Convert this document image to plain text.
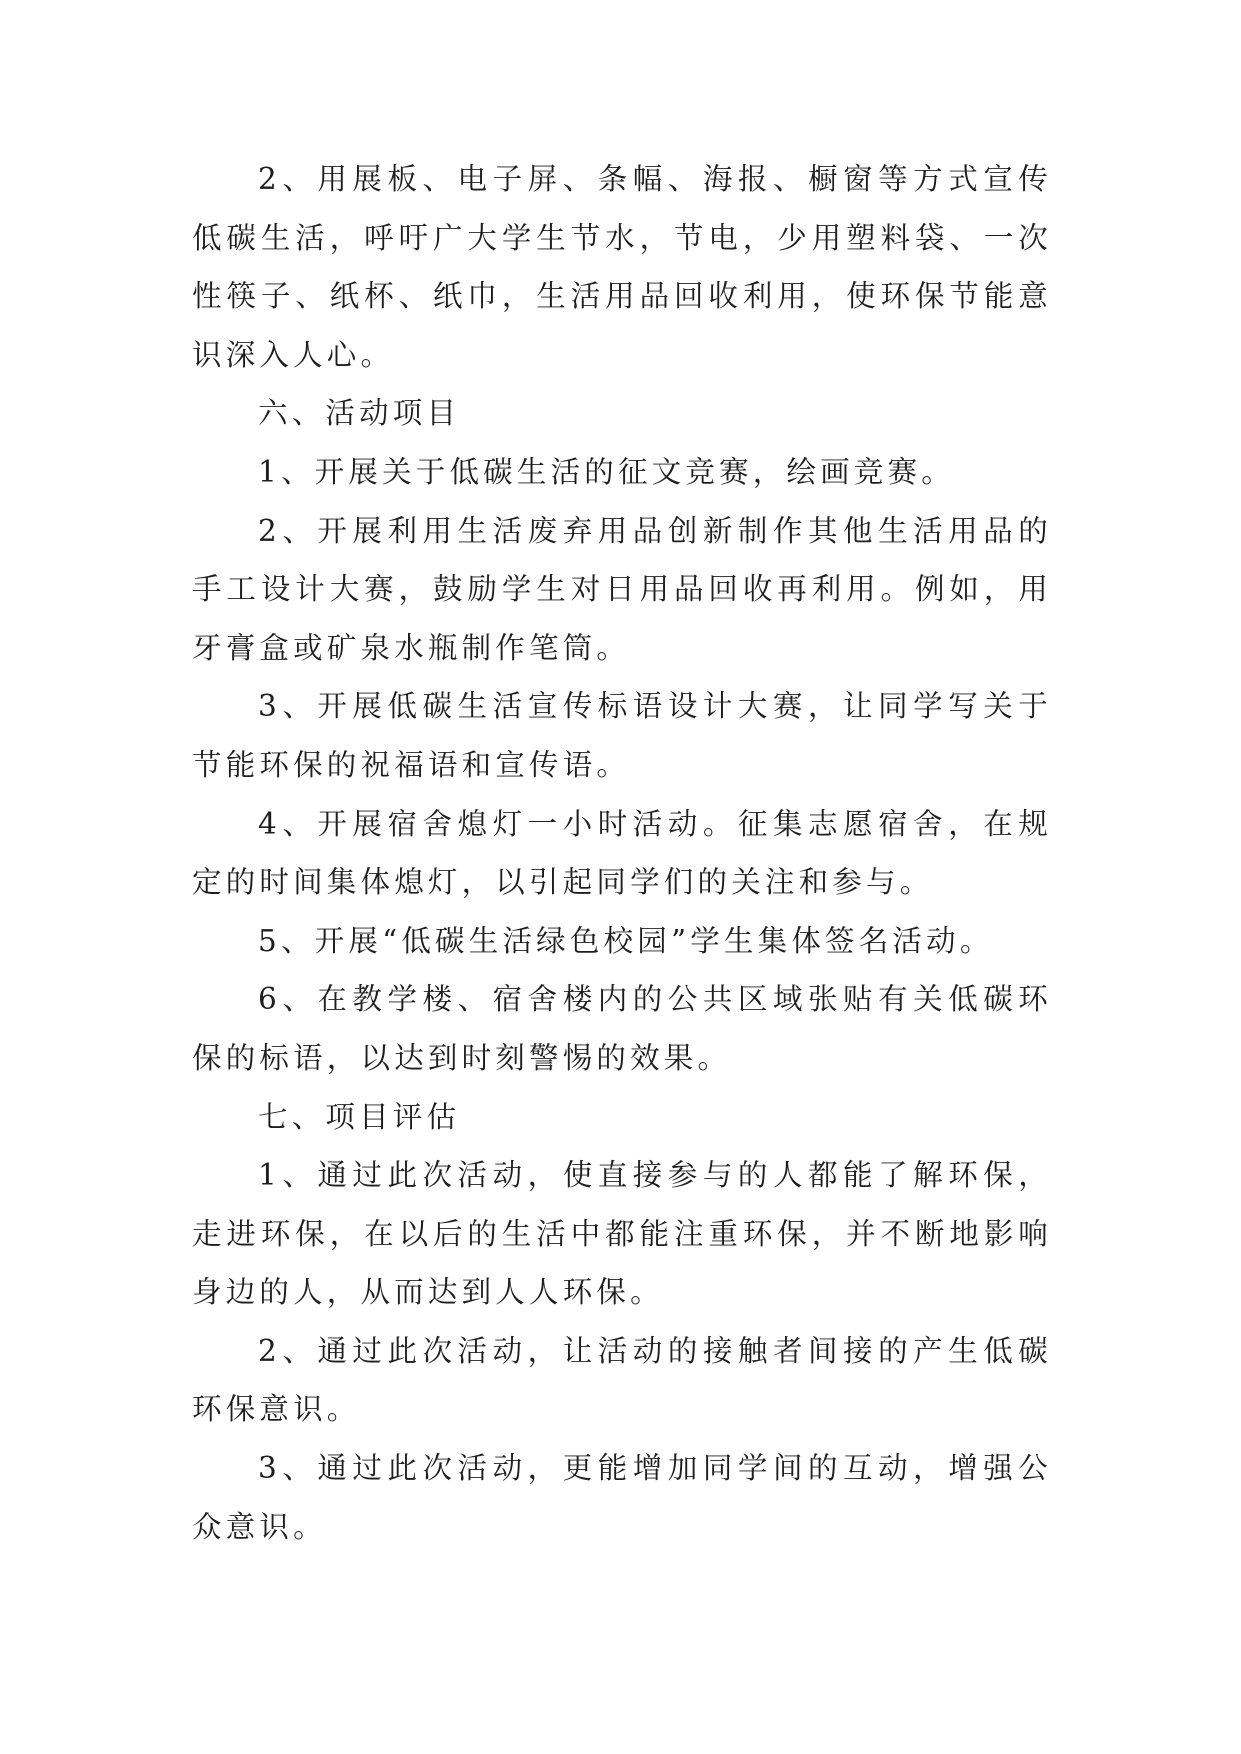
2、用展板、电子屏、条幅、海报、橱窗等方式宣传低碳生活，呼吁广大学生节水，节电，少用塑料袋、一次性筷子、纸杯、纸巾，生活用品回收利用，使环保节能意识深入人心。

六、活动项目

1、开展关于低碳生活的征文竞赛，绘画竞赛。

2、开展利用生活废弃用品创新制作其他生活用品的手工设计大赛，鼓励学生对日用品回收再利用。例如，用牙膏盒或矿泉水瓶制作笔筒。

3、开展低碳生活宣传标语设计大赛，让同学写关于节能环保的祝福语和宣传语。

4、开展宿舍熄灯一小时活动。征集志愿宿舍，在规定的时间集体熄灯，以引起同学们的关注和参与。

5、开展“低碳生活绿色校园”学生集体签名活动。

6、在教学楼、宿舍楼内的公共区域张贴有关低碳环保的标语，以达到时刻警惕的效果。

七、项目评估

1、通过此次活动，使直接参与的人都能了解环保，走进环保，在以后的生活中都能注重环保，并不断地影响身边的人，从而达到人人环保。

2、通过此次活动，让活动的接触者间接的产生低碳环保意识。

3、通过此次活动，更能增加同学间的互动，增强公众意识。
